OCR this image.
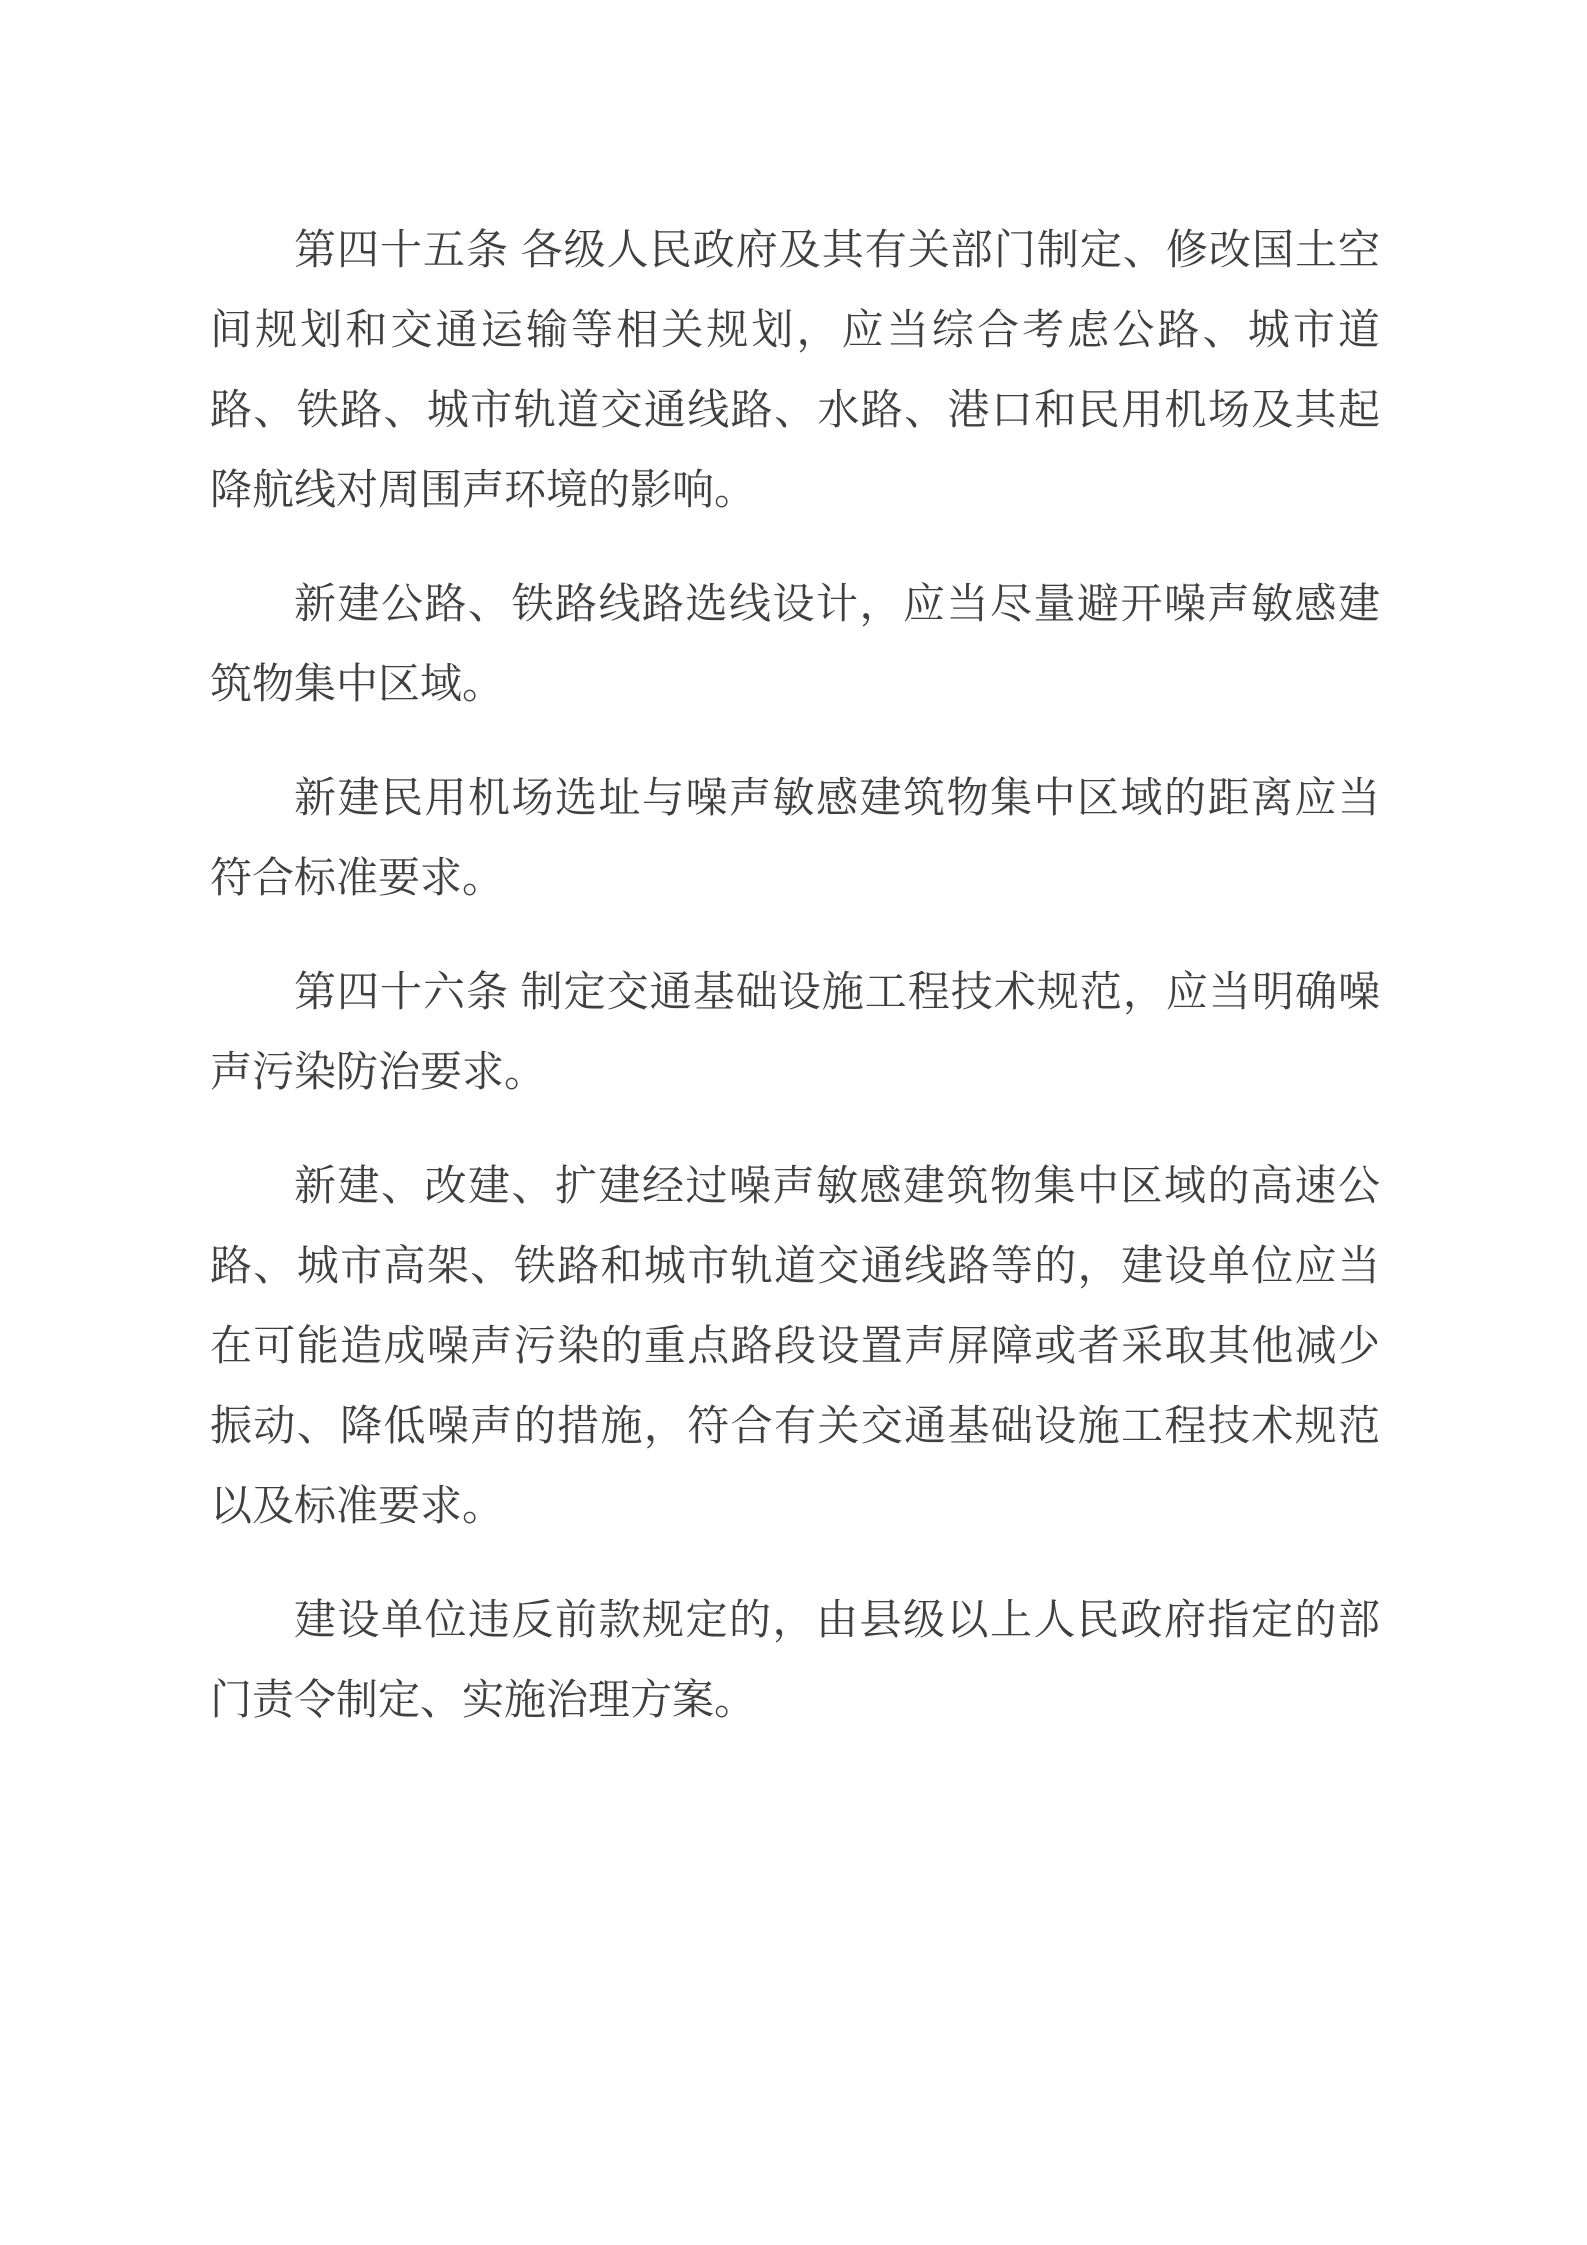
第四十五条 各级人民政府及其有关部门制定、修改国土空间规划和交通运输等相关规划，应当综合考虑公路、城市道路、铁路、城市轨道交通线路、水路、港口和民用机场及其起降航线对周围声环境的影响。

新建公路、铁路线路选线设计，应当尽量避开噪声敏感建筑物集中区域。

新建民用机场选址与噪声敏感建筑物集中区域的距离应当符合标准要求。

第四十六条 制定交通基础设施工程技术规范，应当明确噪声污染防治要求。

新建、改建、扩建经过噪声敏感建筑物集中区域的高速公路、城市高架、铁路和城市轨道交通线路等的，建设单位应当在可能造成噪声污染的重点路段设置声屏障或者采取其他减少振动、降低噪声的措施，符合有关交通基础设施工程技术规范以及标准要求。

建设单位违反前款规定的，由县级以上人民政府指定的部门责令制定、实施治理方案。
